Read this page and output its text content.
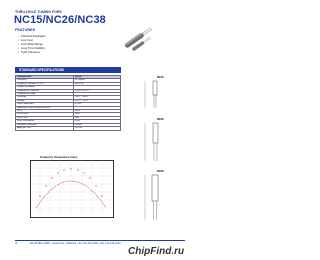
THRU-HOLE TUNING FORK
NC15/NC26/NC38
FEATURES
• Standard Packages
• Low Cost
• Cost Wide Range
• Long Term Stability
• Tight Tolerance
STANDARD SPECIFICATIONS
PARAMETERS	VALUE
Frequency	32.768kHz
Frequency Tolerance @ 25°C	±20 PPM
Frequency Stability	
Temperature Coefficient	-0.034 PPM/°C²
Temperature Range	
Operating	-10°C ~ +60°C
Storage	-20°C ~ +70°C
Load Capacitance	12.5pF
Equivalent Series Resistance (ESR)	
NC15	35kΩ
NC26/NC38	35kΩ
Drive Level	1μW
Shunt Capacitance	1.0pF
Insulation Resistance	500MΩ
Aging per Year	±3 PPM
Frequency Temperature Curve
NC15
NC26
NC38
4	ECLIPTEK CORP. • Santa Ana, California • Tel 714-433-1200 • Fax 714-433-1234
ChipFind.ru
